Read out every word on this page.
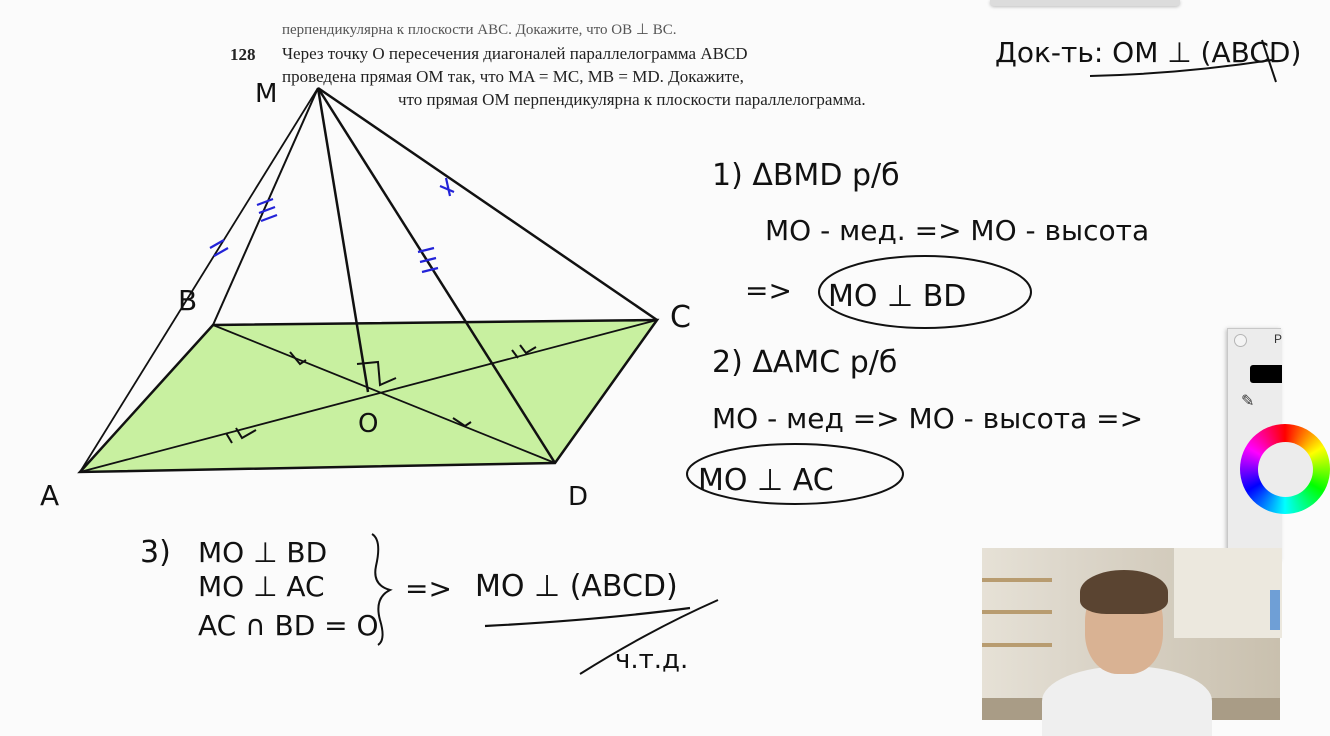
перпендикулярна к плоскости ABC. Докажите, что OB ⊥ BC.
128 Через точку O пересечения диагоналей параллелограмма ABCD
проведена прямая OM так, что MA = MC, MB = MD. Докажите,
что прямая OM перпендикулярна к плоскости параллелограмма.
M
A
B	C
D
O
Док-ть: OM ⊥ (ABCD)
1) ΔBMD р/б
MO - мед. => MO - высота
=> MO ⊥ BD
2) ΔAMC р/б
MO - мед => MO - высота =>
MO ⊥ AC
3) MO ⊥ BD
MO ⊥ AC
AC ∩ BD = O
=> MO ⊥ (ABCD)
ч.т.д.
P
✎
